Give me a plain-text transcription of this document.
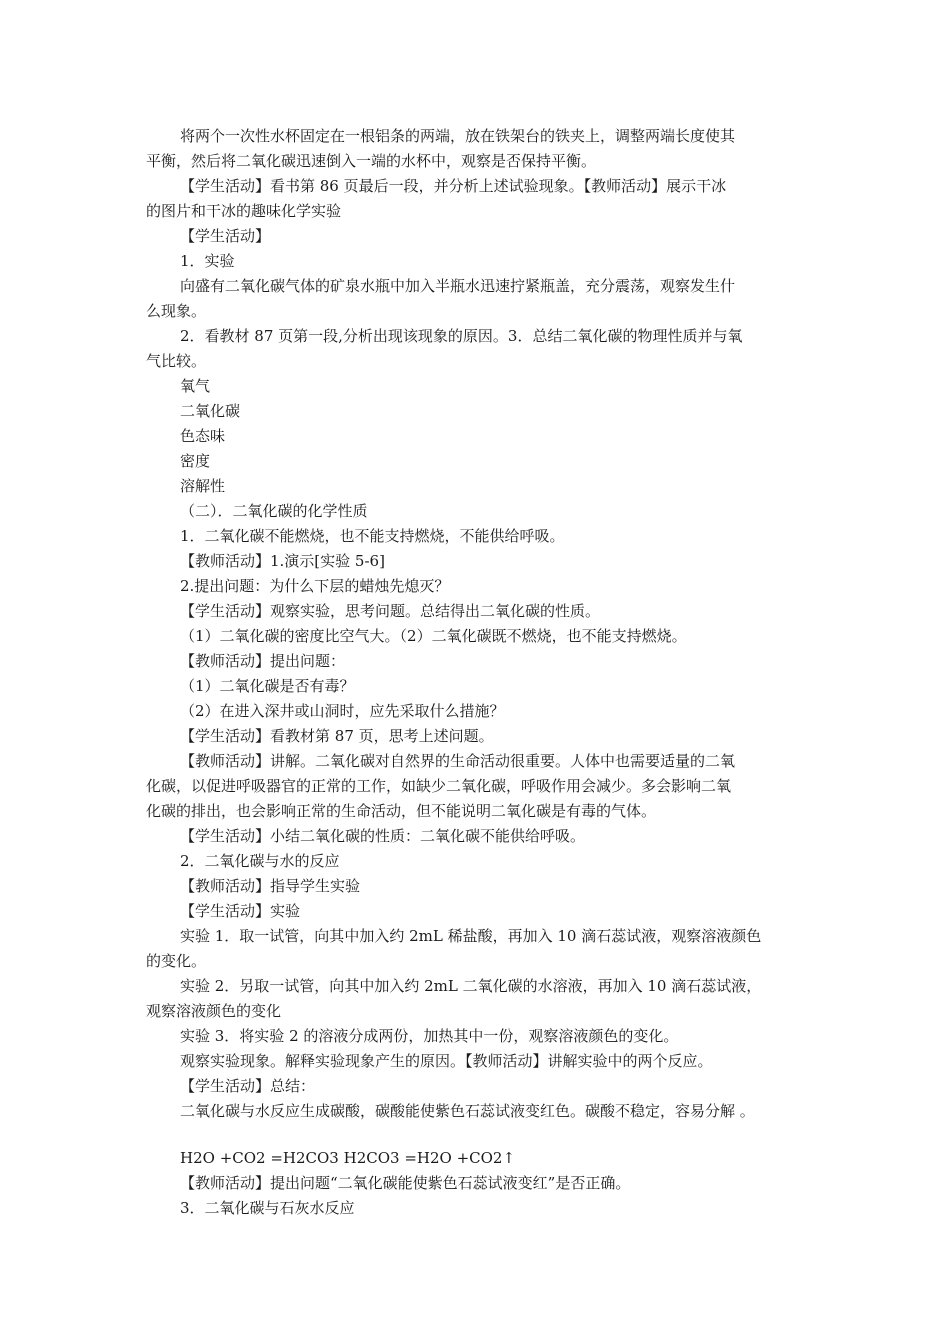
将两个一次性水杯固定在一根铝条的两端，放在铁架台的铁夹上，调整两端长度使其
平衡，然后将二氧化碳迅速倒入一端的水杯中，观察是否保持平衡。
【学生活动】看书第 86 页最后一段，并分析上述试验现象。【教师活动】展示干冰
的图片和干冰的趣味化学实验
【学生活动】
1．实验
向盛有二氧化碳气体的矿泉水瓶中加入半瓶水迅速拧紧瓶盖，充分震荡，观察发生什
么现象。
2．看教材 87 页第一段,分析出现该现象的原因。3．总结二氧化碳的物理性质并与氧
气比较。
氧气
二氧化碳
色态味
密度
溶解性
（二）．二氧化碳的化学性质
1．二氧化碳不能燃烧，也不能支持燃烧，不能供给呼吸。
【教师活动】1.演示[实验 5-6]
2.提出问题：为什么下层的蜡烛先熄灭？
【学生活动】观察实验，思考问题。总结得出二氧化碳的性质。
（1）二氧化碳的密度比空气大。（2）二氧化碳既不燃烧，也不能支持燃烧。
【教师活动】提出问题：
（1）二氧化碳是否有毒？
（2）在进入深井或山洞时，应先采取什么措施？
【学生活动】看教材第 87 页，思考上述问题。
【教师活动】讲解。二氧化碳对自然界的生命活动很重要。人体中也需要适量的二氧
化碳，以促进呼吸器官的正常的工作，如缺少二氧化碳，呼吸作用会减少。多会影响二氧
化碳的排出，也会影响正常的生命活动，但不能说明二氧化碳是有毒的气体。
【学生活动】小结二氧化碳的性质：二氧化碳不能供给呼吸。
2．二氧化碳与水的反应
【教师活动】指导学生实验
【学生活动】实验
实验 1．取一试管，向其中加入约 2mL 稀盐酸，再加入 10 滴石蕊试液，观察溶液颜色
的变化。
实验 2．另取一试管，向其中加入约 2mL 二氧化碳的水溶液，再加入 10 滴石蕊试液，
观察溶液颜色的变化
实验 3．将实验 2 的溶液分成两份，加热其中一份，观察溶液颜色的变化。
观察实验现象。解释实验现象产生的原因。【教师活动】讲解实验中的两个反应。
【学生活动】总结：
二氧化碳与水反应生成碳酸，碳酸能使紫色石蕊试液变红色。碳酸不稳定，容易分解 。
H2O +CO2 =H2CO3 H2CO3 =H2O +CO2↑
【教师活动】提出问题“二氧化碳能使紫色石蕊试液变红”是否正确。
3．二氧化碳与石灰水反应
